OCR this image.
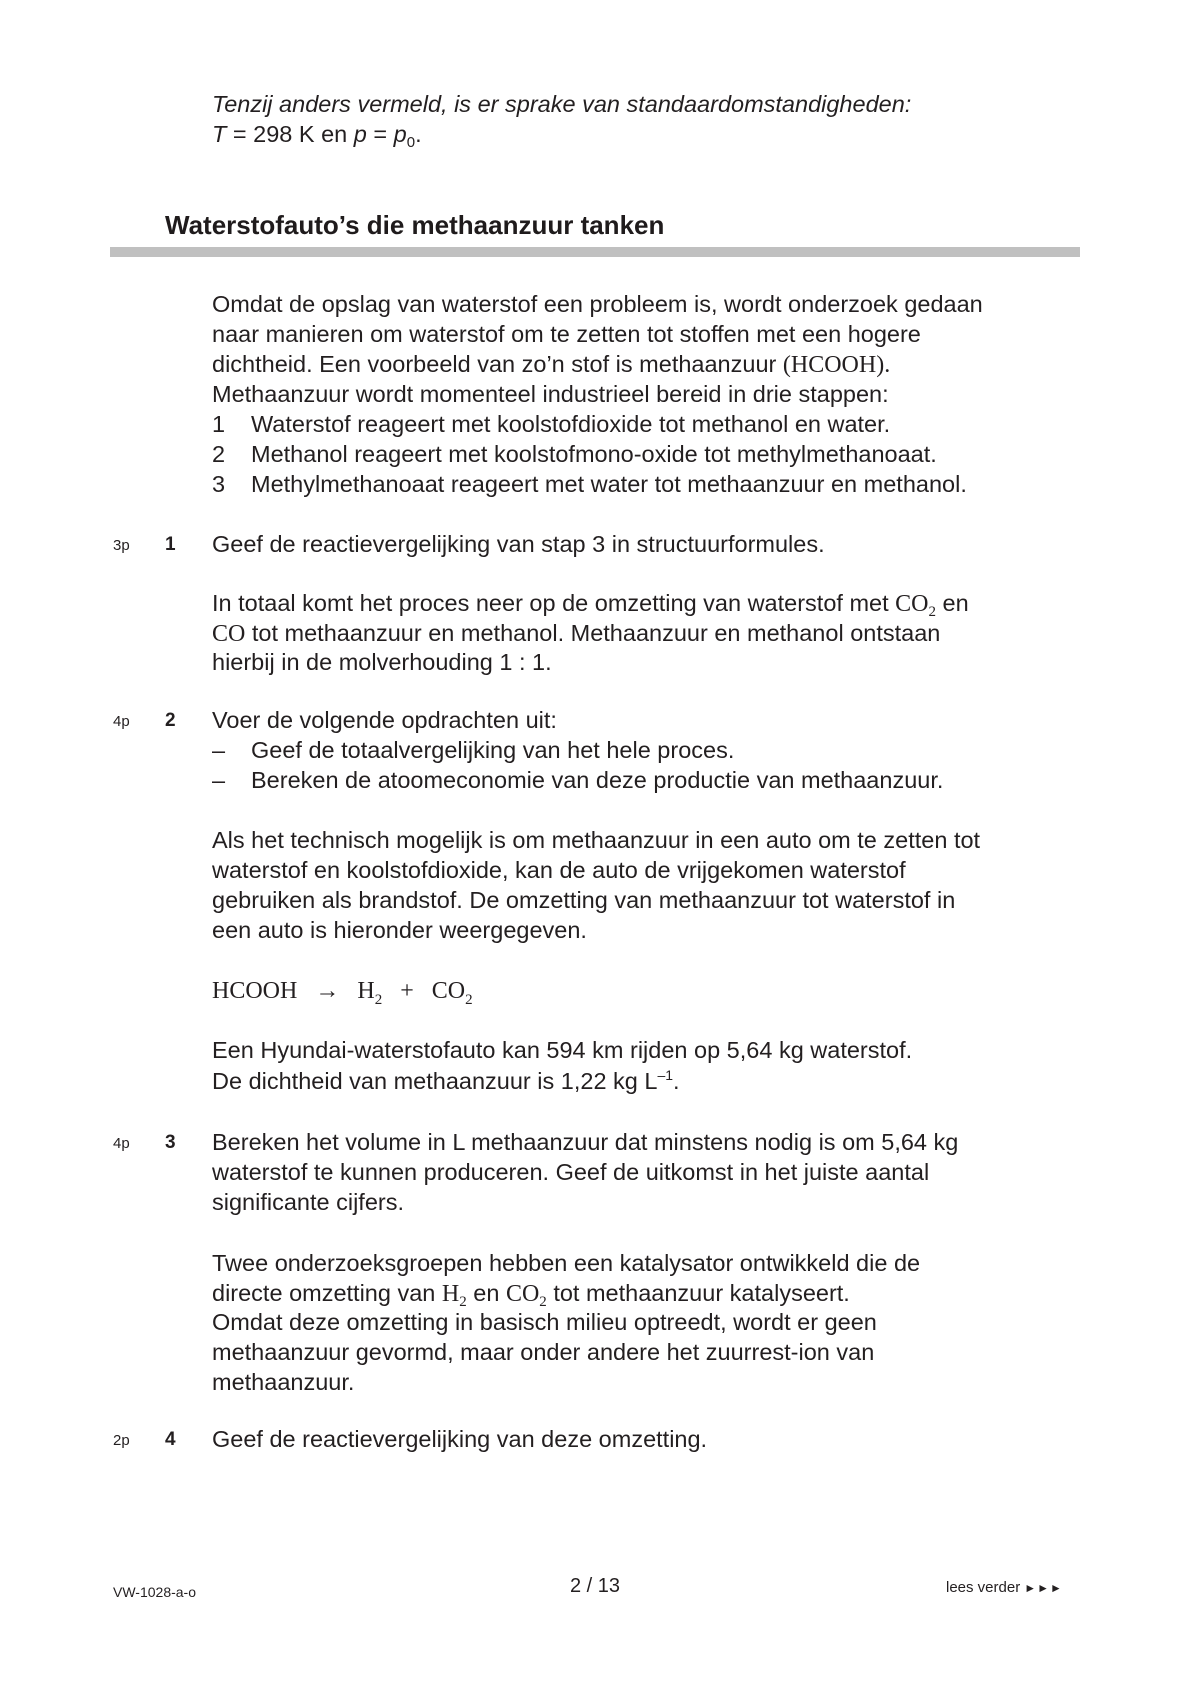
Tenzij anders vermeld, is er sprake van standaardomstandigheden:
T = 298 K en $p = p_0$.
Waterstofauto’s die methaanzuur tanken
Omdat de opslag van waterstof een probleem is, wordt onderzoek gedaan
naar manieren om waterstof om te zetten tot stoffen met een hogere
dichtheid. Een voorbeeld van zo’n stof is methaanzuur (HCOOH).
Methaanzuur wordt momenteel industrieel bereid in drie stappen:
1 Waterstof reageert met koolstofdioxide tot methanol en water.
2 Methanol reageert met koolstofmono-oxide tot methylmethanoaat.
3 Methylmethanoaat reageert met water tot methaanzuur en methanol.
3p 1 Geef de reactievergelijking van stap 3 in structuurformules.
In totaal komt het proces neer op de omzetting van waterstof met $CO_2$ en
CO tot methaanzuur en methanol. Methaanzuur en methanol ontstaan
hierbij in de molverhouding 1 : 1.
4p 2 Voer de volgende opdrachten uit:
– Geef de totaalvergelijking van het hele proces.
– Bereken de atoomeconomie van deze productie van methaanzuur.
Als het technisch mogelijk is om methaanzuur in een auto om te zetten tot
waterstof en koolstofdioxide, kan de auto de vrijgekomen waterstof
gebruiken als brandstof. De omzetting van methaanzuur tot waterstof in
een auto is hieronder weergegeven.
HCOOH → $H_2 + CO_2$
Een Hyundai-waterstofauto kan 594 km rijden op 5,64 kg waterstof.
De dichtheid van methaanzuur is 1,22 kg $L^{-1}$.
4p 3 Bereken het volume in L methaanzuur dat minstens nodig is om 5,64 kg
waterstof te kunnen produceren. Geef de uitkomst in het juiste aantal
significante cijfers.
Twee onderzoeksgroepen hebben een katalysator ontwikkeld die de
directe omzetting van $H_2$ en $CO_2$ tot methaanzuur katalyseert.
Omdat deze omzetting in basisch milieu optreedt, wordt er geen
methaanzuur gevormd, maar onder andere het zuurrest-ion van
methaanzuur.
2p 4 Geef de reactievergelijking van deze omzetting.
VW-1028-a-o	2 / 13	lees verder ►►►
